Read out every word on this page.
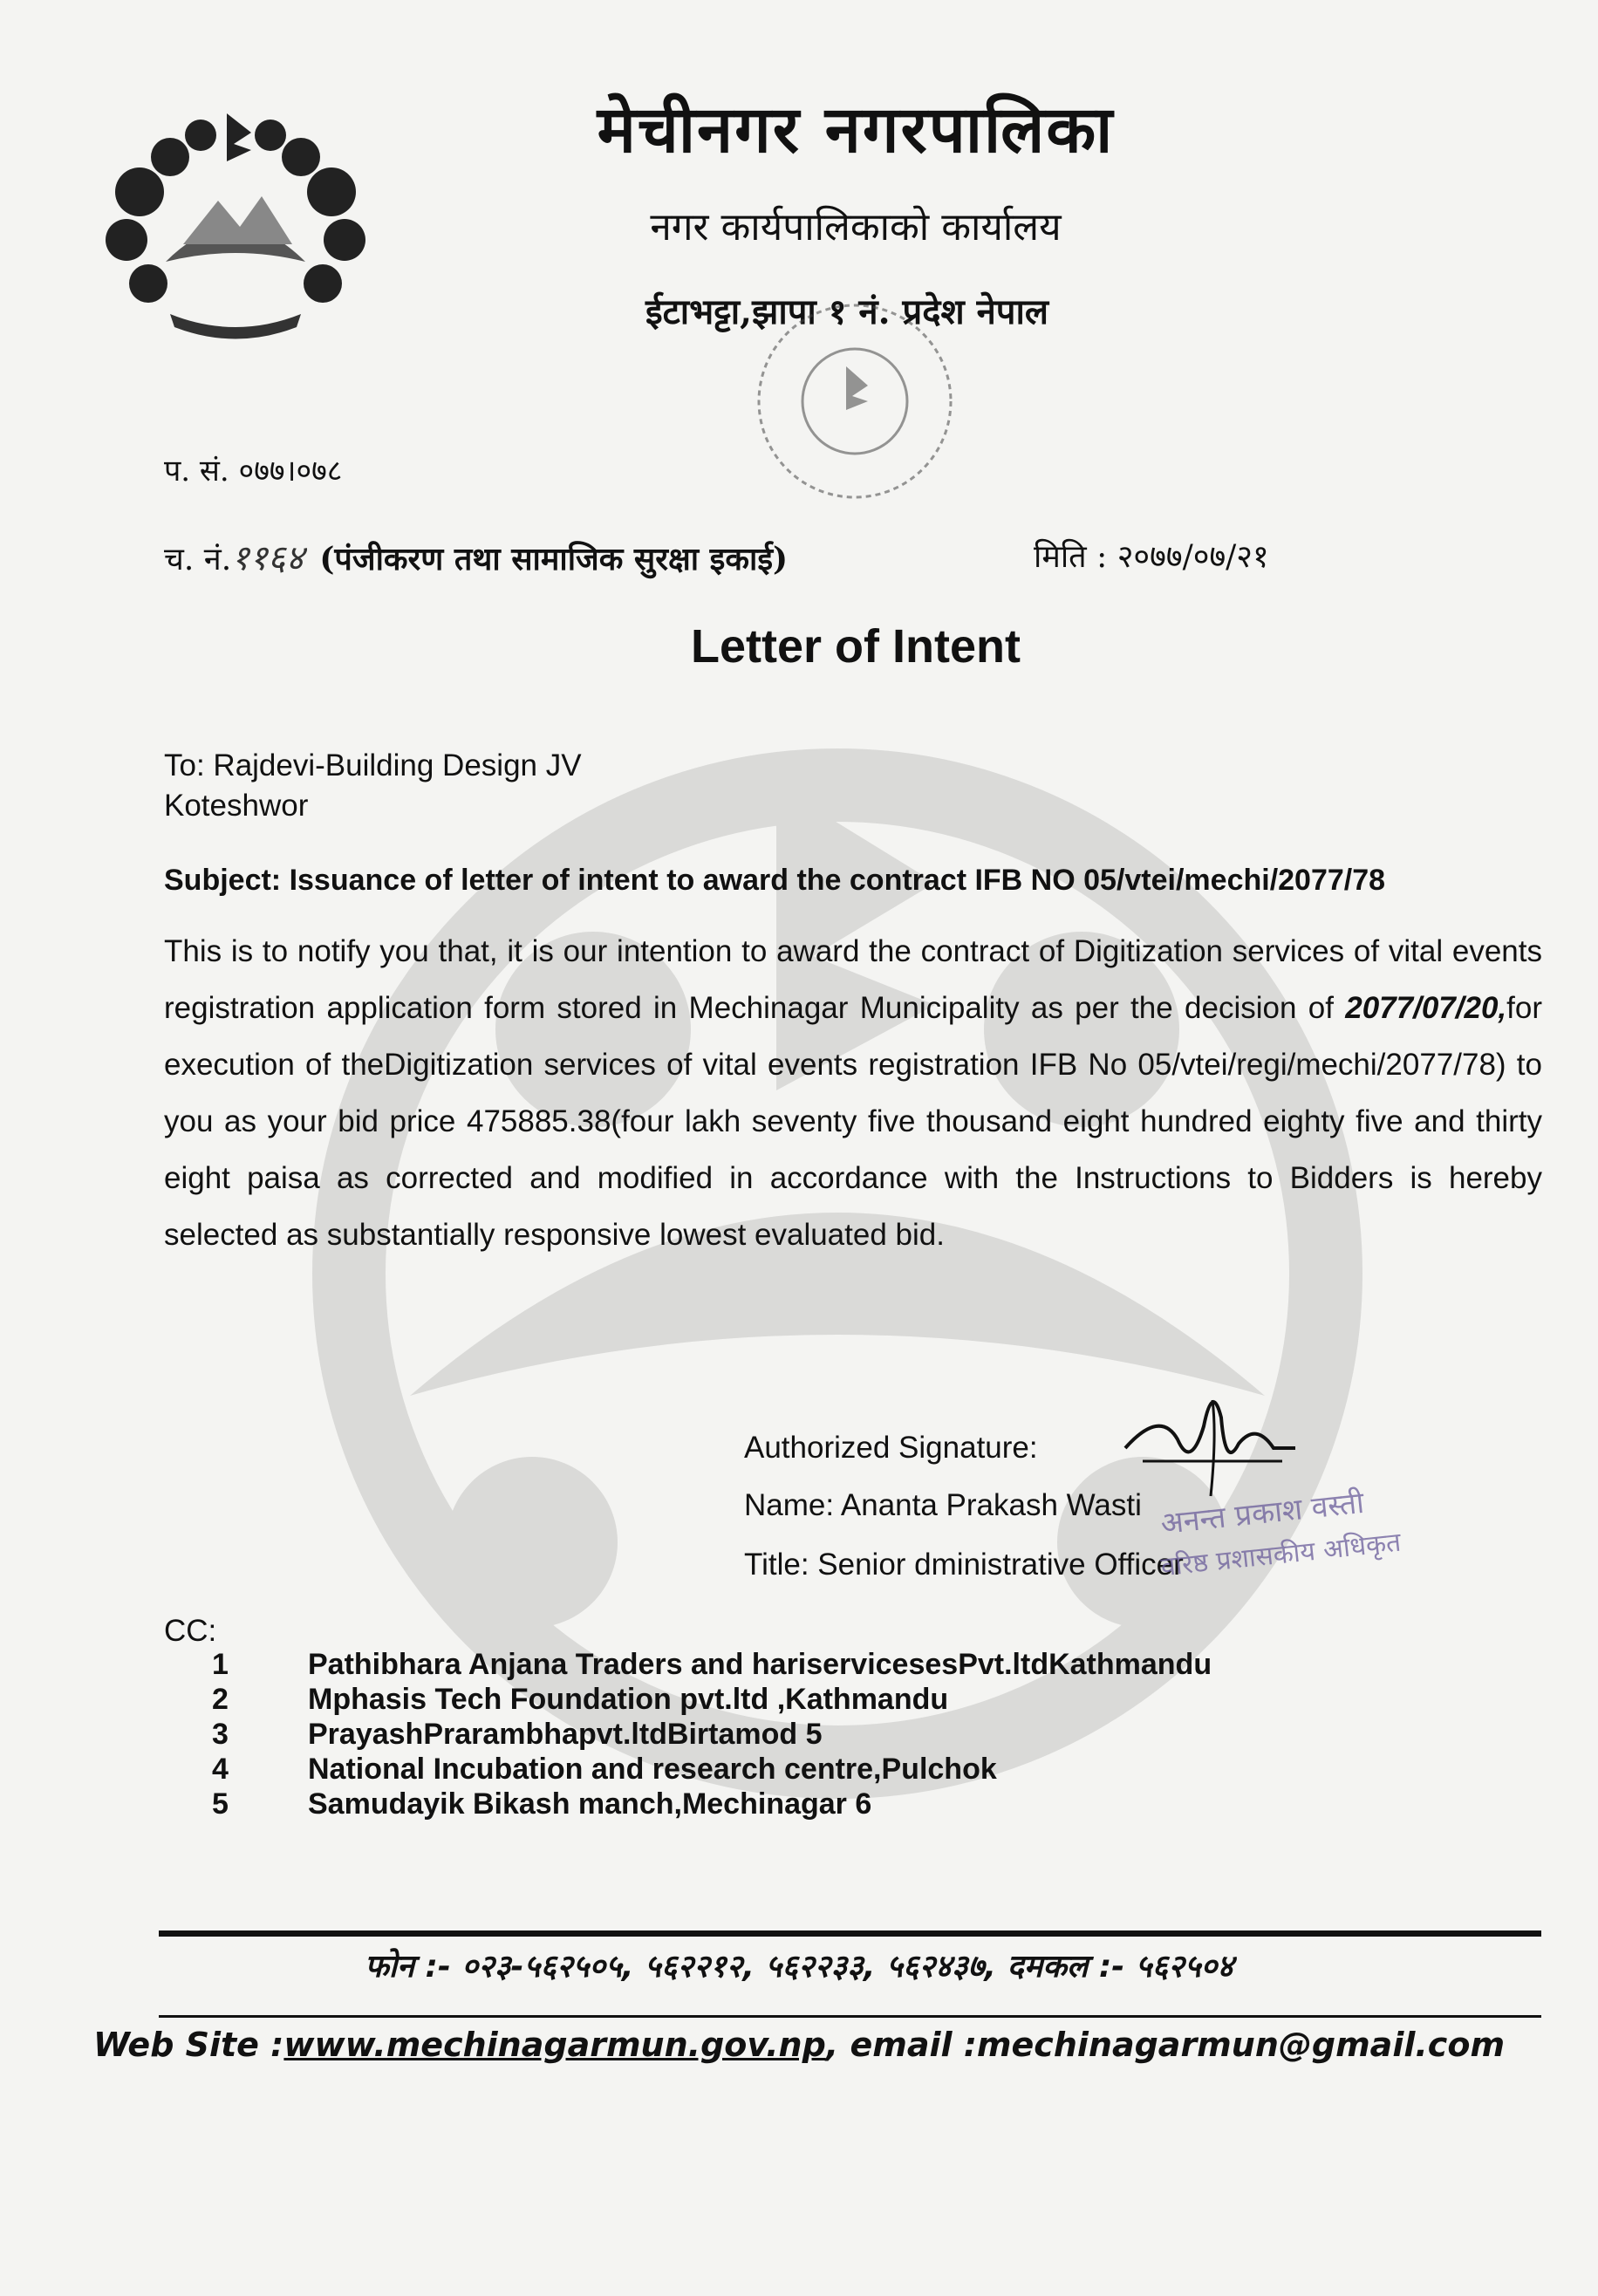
मेचीनगर नगरपालिका
नगर कार्यपालिकाको कार्यालय
ईटाभट्टा,झापा १ नं. प्रदेश नेपाल
प. सं. ०७७।०७८
च. नं.११६४ (पंजीकरण तथा सामाजिक सुरक्षा इकाई)	मिति : २०७७/०७/२१
Letter of Intent
To: Rajdevi-Building Design JV
Koteshwor
Subject: Issuance of letter of intent to award the contract IFB NO 05/vtei/mechi/2077/78
This is to notify you that, it is our intention to award the contract of Digitization services of vital events registration application form stored in Mechinagar Municipality as per the decision of 2077/07/20,for execution of theDigitization services of vital events registration IFB No 05/vtei/regi/mechi/2077/78) to you as your bid price 475885.38(four lakh seventy five thousand eight hundred eighty five and thirty eight paisa as corrected and modified in accordance with the Instructions to Bidders is hereby selected as substantially responsive lowest evaluated bid.
Authorized Signature:
Name: Ananta Prakash Wasti
Title: Senior dministrative Officer
अनन्त प्रकाश वस्ती
वरिष्ठ प्रशासकीय अधिकृत
CC:
1	Pathibhara Anjana Traders and hariservicesesPvt.ltdKathmandu
2	Mphasis Tech Foundation pvt.ltd ,Kathmandu
3	PrayashPrarambhapvt.ltdBirtamod 5
4	National Incubation and research centre,Pulchok
5	Samudayik Bikash manch,Mechinagar 6
फोन :- ०२३-५६२५०५, ५६२२१२, ५६२२३३, ५६२४३७, दमकल :- ५६२५०४
Web Site :www.mechinagarmun.gov.np, email :mechinagarmun@gmail.com
